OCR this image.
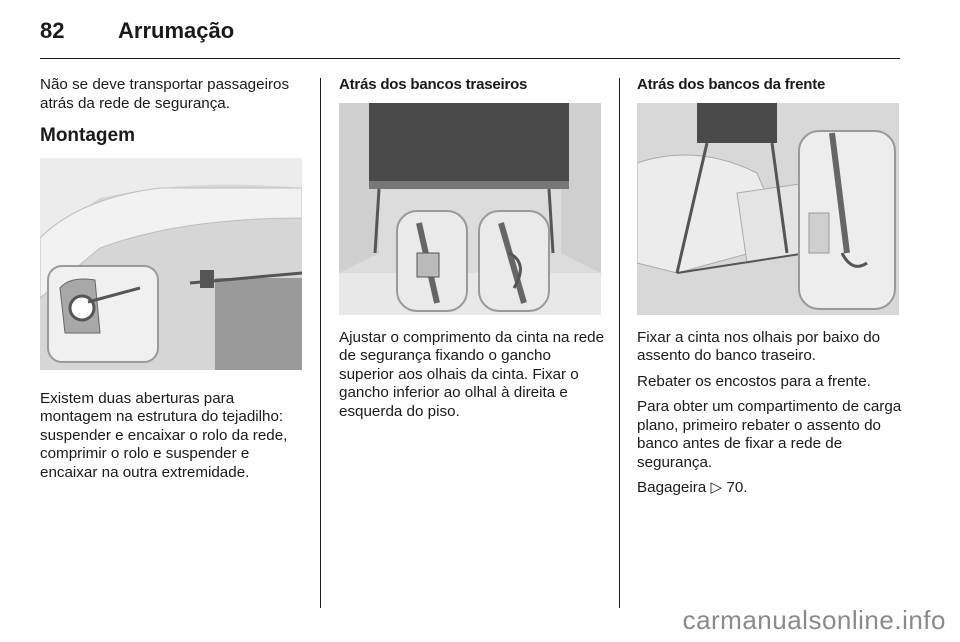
82 Arrumação

Não se deve transportar passageiros atrás da rede de segurança.

Montagem

Existem duas aberturas para montagem na estrutura do tejadilho: suspender e encaixar o rolo da rede, comprimir o rolo e suspender e encaixar na outra extremidade.

Atrás dos bancos traseiros

Ajustar o comprimento da cinta na rede de segurança fixando o gancho superior aos olhais da cinta. Fixar o gancho inferior ao olhal à direita e esquerda do piso.

Atrás dos bancos da frente

Fixar a cinta nos olhais por baixo do assento do banco traseiro.

Rebater os encostos para a frente.

Para obter um compartimento de carga plano, primeiro rebater o assento do banco antes de fixar a rede de segurança.

Bagageira ▷ 70.

carmanualsonline.info
